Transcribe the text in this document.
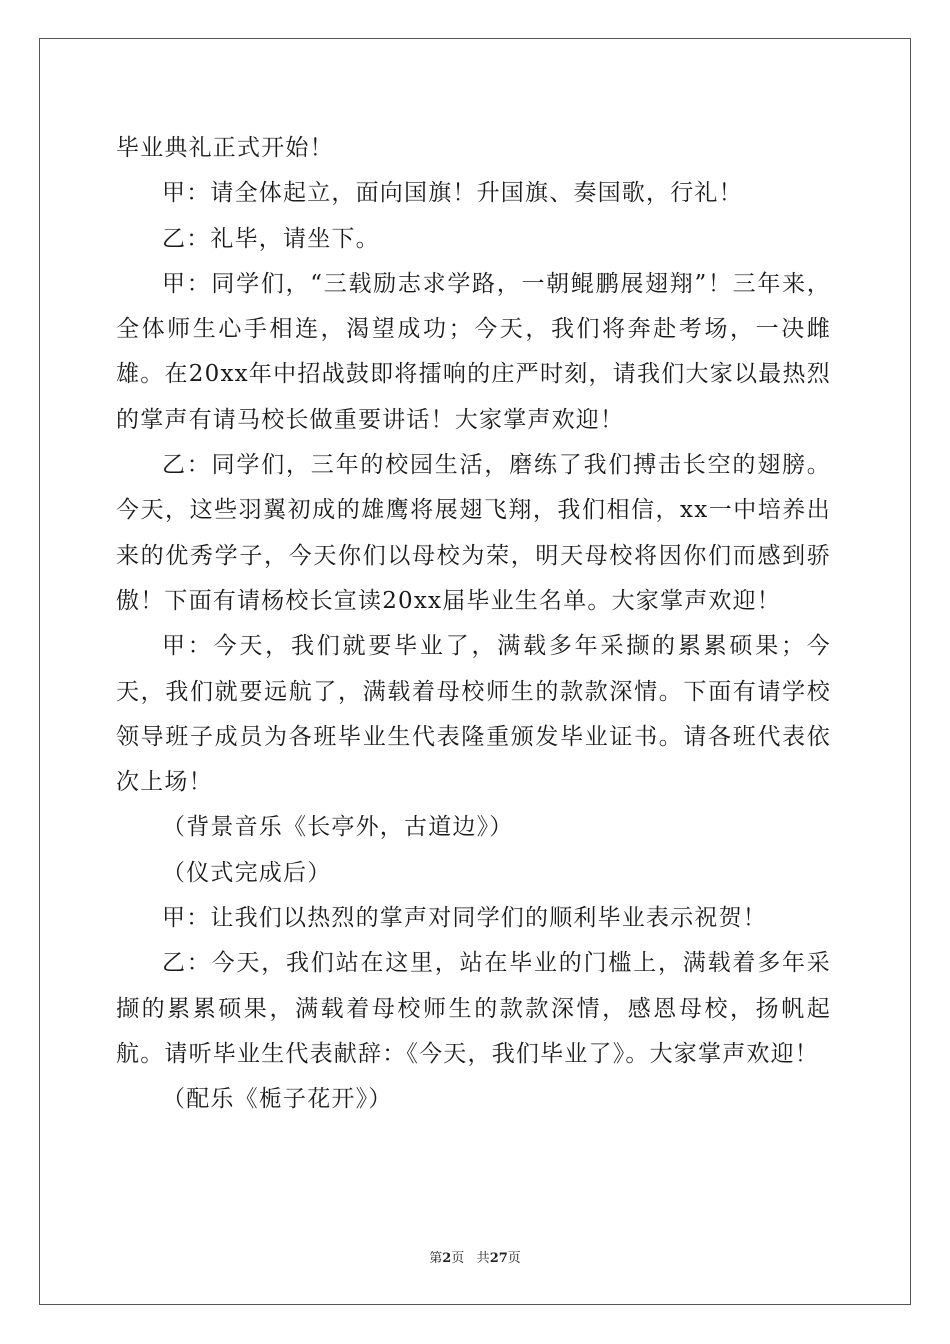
毕业典礼正式开始！

甲：请全体起立，面向国旗！升国旗、奏国歌，行礼！

乙：礼毕，请坐下。

甲：同学们，“三载励志求学路，一朝鲲鹏展翅翔”！三年来，全体师生心手相连，渴望成功；今天，我们将奔赴考场，一决雌雄。在20xx年中招战鼓即将擂响的庄严时刻，请我们大家以最热烈的掌声有请马校长做重要讲话！大家掌声欢迎！

乙：同学们，三年的校园生活，磨练了我们搏击长空的翅膀。今天，这些羽翼初成的雄鹰将展翅飞翔，我们相信，xx一中培养出来的优秀学子，今天你们以母校为荣，明天母校将因你们而感到骄傲！下面有请杨校长宣读20xx届毕业生名单。大家掌声欢迎！

甲：今天，我们就要毕业了，满载多年采撷的累累硕果；今天，我们就要远航了，满载着母校师生的款款深情。下面有请学校领导班子成员为各班毕业生代表隆重颁发毕业证书。请各班代表依次上场！

（背景音乐《长亭外，古道边》）

（仪式完成后）

甲：让我们以热烈的掌声对同学们的顺利毕业表示祝贺！

乙：今天，我们站在这里，站在毕业的门槛上，满载着多年采撷的累累硕果，满载着母校师生的款款深情，感恩母校，扬帆起航。请听毕业生代表献辞：《今天，我们毕业了》。大家掌声欢迎！

（配乐《栀子花开》）

第2页 共27页
